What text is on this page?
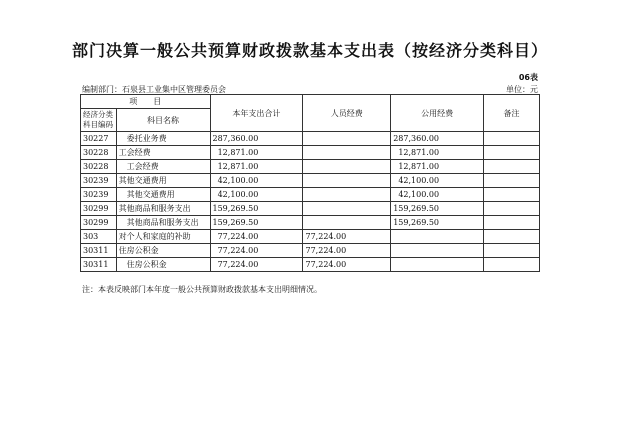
部门决算一般公共预算财政拨款基本支出表（按经济分类科目）
06表
编制部门：石泉县工业集中区管理委员会	单位：元
项　　目		本年支出合计	人员经费	公用经费	备注
经济分类科目编码	科目名称				
30227	委托业务费	287,360.00		287,360.00	
30228	工会经费	12,871.00		12,871.00	
30228	工会经费	12,871.00		12,871.00	
30239	其他交通费用	42,100.00		42,100.00	
30239	其他交通费用	42,100.00		42,100.00	
30299	其他商品和服务支出	159,269.50		159,269.50	
30299	其他商品和服务支出	159,269.50		159,269.50	
303	对个人和家庭的补助	77,224.00	77,224.00		
30311	住房公积金	77,224.00	77,224.00		
30311	住房公积金	77,224.00	77,224.00		
注：本表反映部门本年度一般公共预算财政拨款基本支出明细情况。
